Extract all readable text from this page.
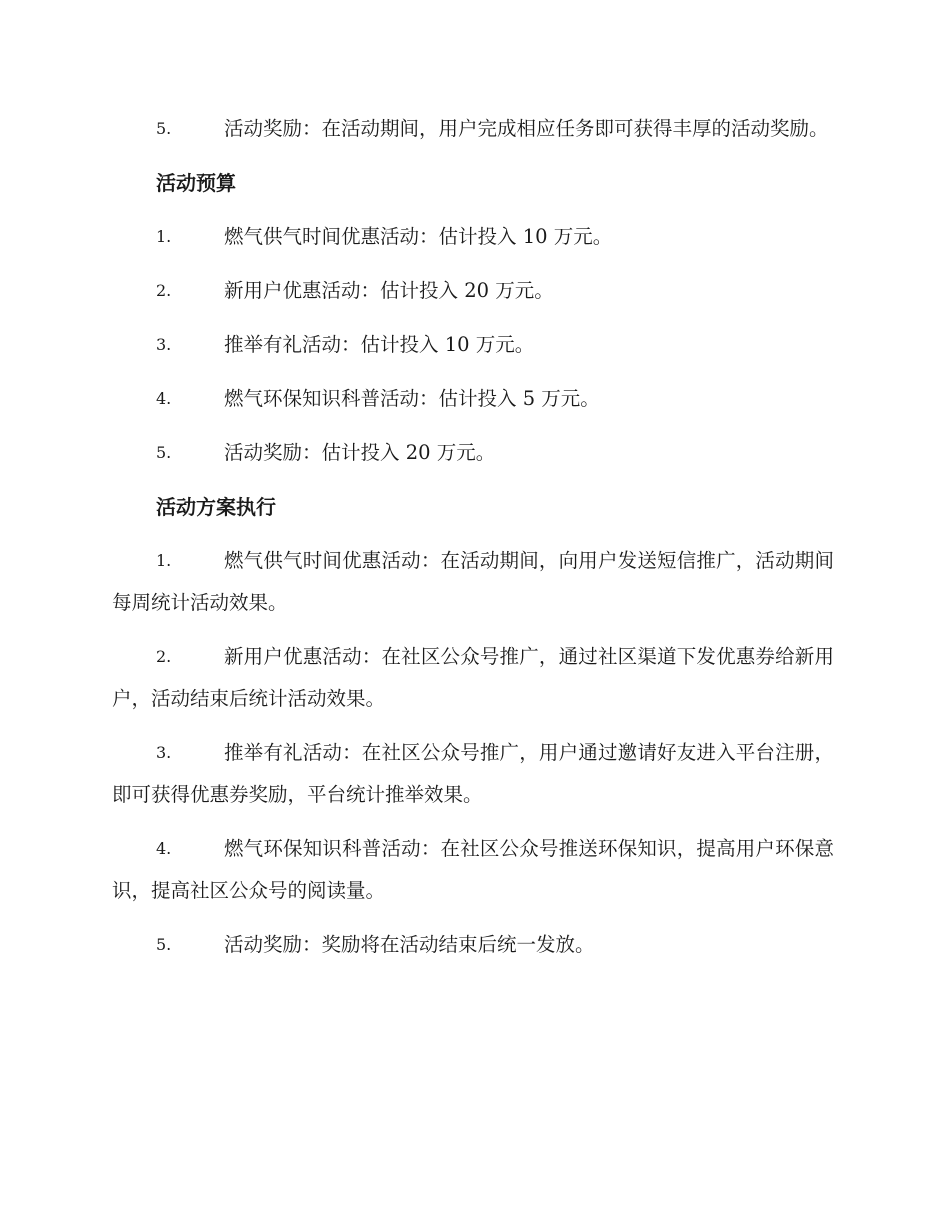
5.	活动奖励：在活动期间，用户完成相应任务即可获得丰厚的活动奖励。
活动预算
1.	燃气供气时间优惠活动：估计投入 10 万元。
2.	新用户优惠活动：估计投入 20 万元。
3.	推举有礼活动：估计投入 10 万元。
4.	燃气环保知识科普活动：估计投入 5 万元。
5.	活动奖励：估计投入 20 万元。
活动方案执行
1.	燃气供气时间优惠活动：在活动期间，向用户发送短信推广，活动期间每周统计活动效果。
2.	新用户优惠活动：在社区公众号推广，通过社区渠道下发优惠券给新用户，活动结束后统计活动效果。
3.	推举有礼活动：在社区公众号推广，用户通过邀请好友进入平台注册，即可获得优惠券奖励，平台统计推举效果。
4.	燃气环保知识科普活动：在社区公众号推送环保知识，提高用户环保意识，提高社区公众号的阅读量。
5.	活动奖励：奖励将在活动结束后统一发放。
